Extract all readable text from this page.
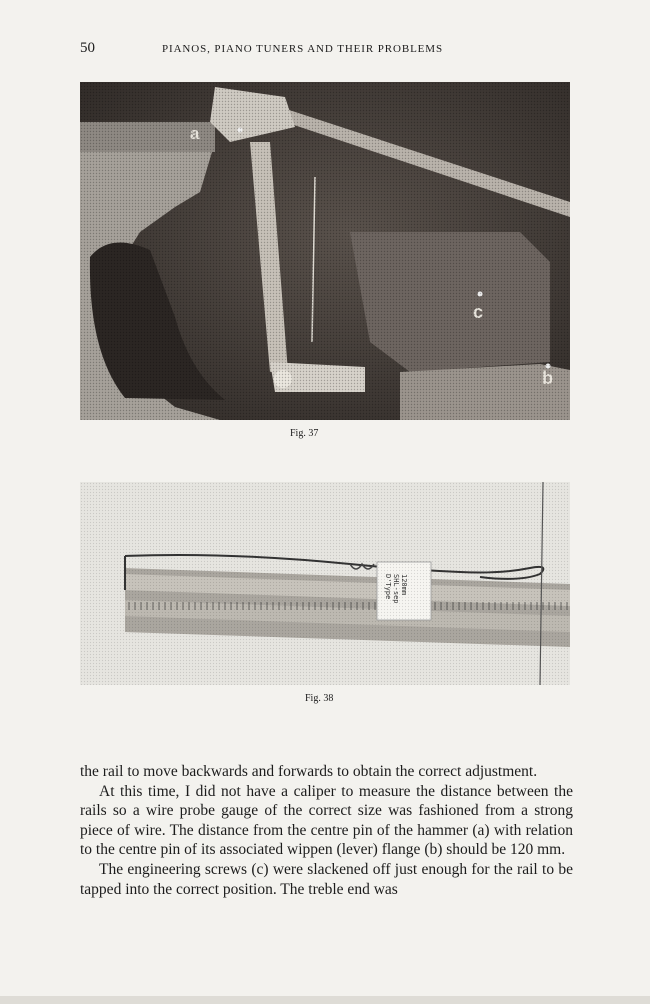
50	PIANOS, PIANO TUNERS AND THEIR PROBLEMS
Fig. 37
Fig. 38

the rail to move backwards and forwards to obtain the correct adjustment.

At this time, I did not have a caliper to measure the distance between the rails so a wire probe gauge of the correct size was fashioned from a strong piece of wire. The distance from the centre pin of the hammer (a) with relation to the centre pin of its associated wippen (lever) flange (b) should be 120 mm.

The engineering screws (c) were slackened off just enough for the rail to be tapped into the correct position. The treble end was
